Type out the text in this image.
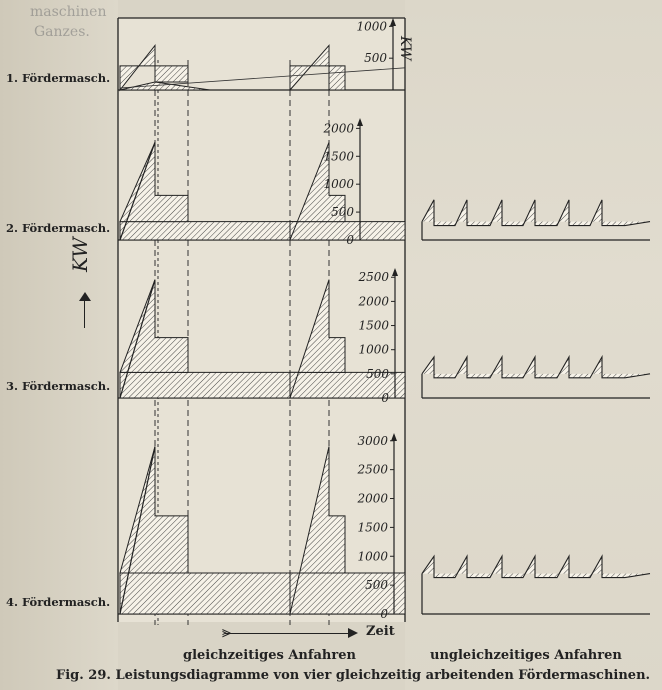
maschinen
Ganzes.
1. Fördermasch.
2. Fördermasch.
3. Fördermasch.
4. Fördermasch.
500
1000
0
500
1000
1500
2000
0
500
1000
1500
2000
2500
0
500
1000
1500
2000
2500
3000
KW
KW
⪢	Zeit
gleichzeitiges Anfahren	ungleichzeitiges Anfahren
Fig. 29. Leistungsdiagramme von vier gleichzeitig arbeitenden Fördermaschinen.
